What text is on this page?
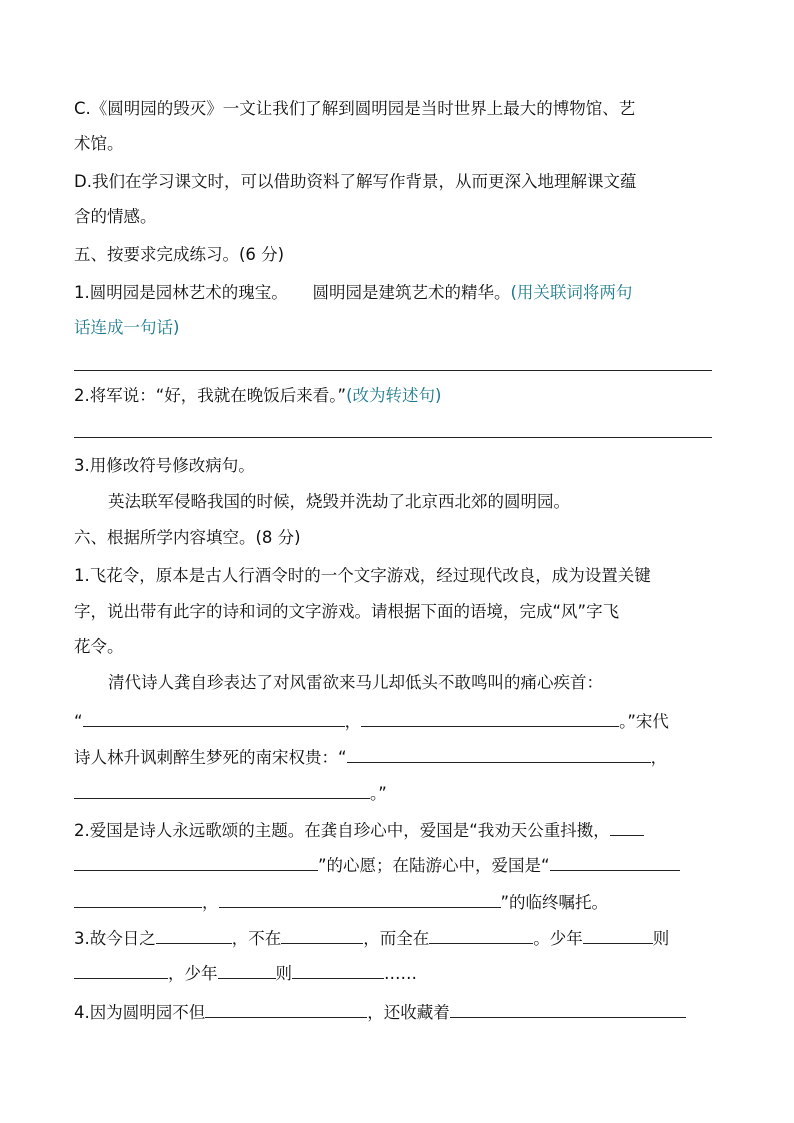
C.《圆明园的毁灭》一文让我们了解到圆明园是当时世界上最大的博物馆、艺
术馆。
D.我们在学习课文时，可以借助资料了解写作背景，从而更深入地理解课文蕴
含的情感。
五、按要求完成练习。(6 分)
1.圆明园是园林艺术的瑰宝。　　圆明园是建筑艺术的精华。(用关联词将两句
话连成一句话)
2.将军说：“好，我就在晚饭后来看。”(改为转述句)
3.用修改符号修改病句。
英法联军侵略我国的时候，烧毁并洗劫了北京西北郊的圆明园。
六、根据所学内容填空。(8 分)
1.飞花令，原本是古人行酒令时的一个文字游戏，经过现代改良，成为设置关键
字，说出带有此字的诗和词的文字游戏。请根据下面的语境，完成“风”字飞
花令。
清代诗人龚自珍表达了对风雷欲来马儿却低头不敢鸣叫的痛心疾首：
“	，	。”宋代
诗人林升讽刺醉生梦死的南宋权贵：“	，
。”
2.爱国是诗人永远歌颂的主题。在龚自珍心中，爱国是“我劝天公重抖擞，
”的心愿；在陆游心中，爱国是“
，	”的临终嘱托。
3.故今日之	，不在	，而全在	。少年	则
，少年	则	……
4.因为圆明园不但	，还收藏着
